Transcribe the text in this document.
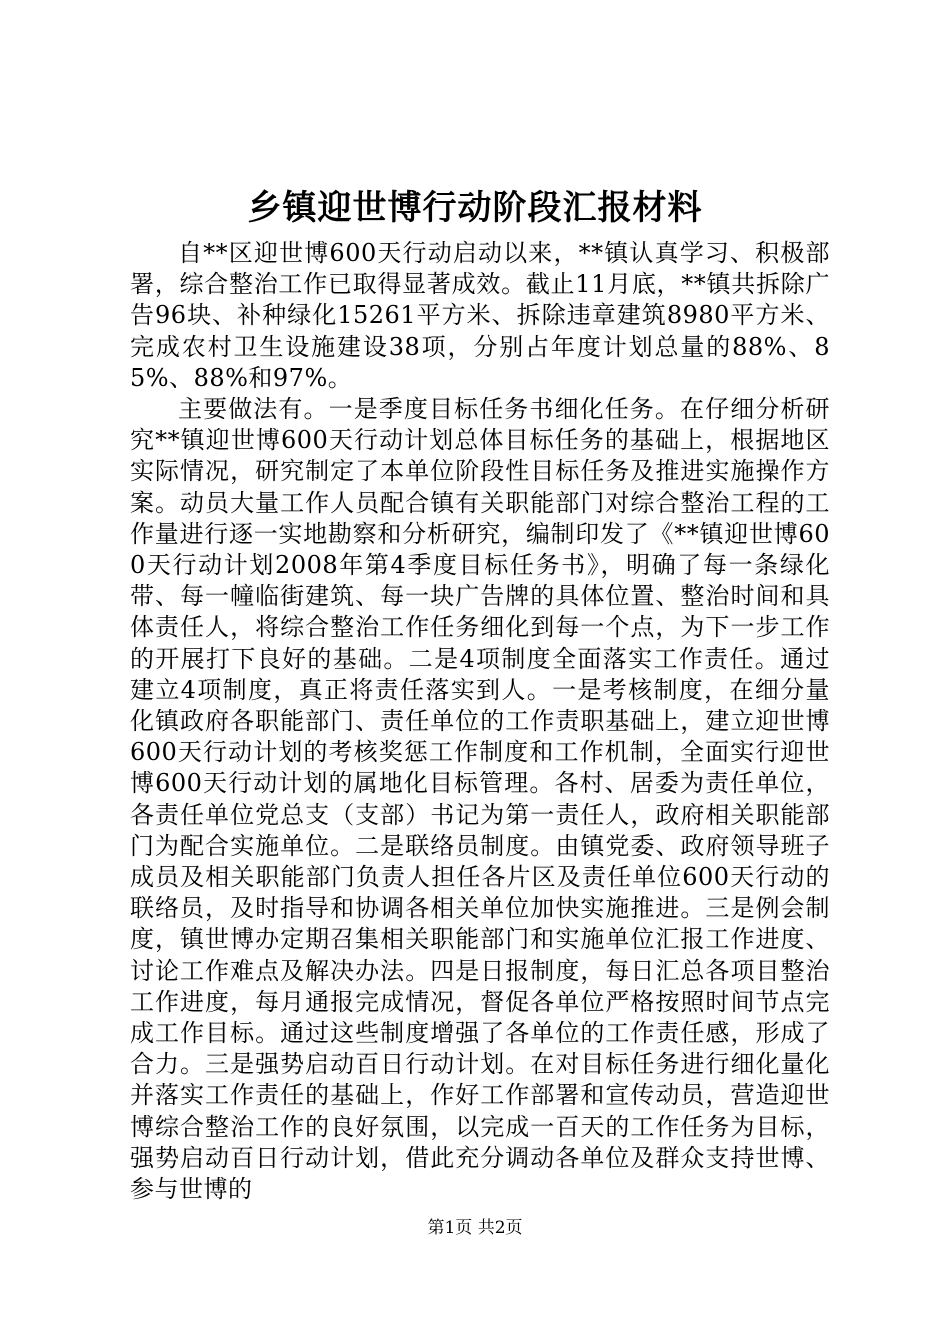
乡镇迎世博行动阶段汇报材料

自**区迎世博600天行动启动以来，**镇认真学习、积极部署，综合整治工作已取得显著成效。截止11月底，**镇共拆除广告96块、补种绿化15261平方米、拆除违章建筑8980平方米、完成农村卫生设施建设38项，分别占年度计划总量的88%、85%、88%和97%。

主要做法有。一是季度目标任务书细化任务。在仔细分析研究**镇迎世博600天行动计划总体目标任务的基础上，根据地区实际情况，研究制定了本单位阶段性目标任务及推进实施操作方案。动员大量工作人员配合镇有关职能部门对综合整治工程的工作量进行逐一实地勘察和分析研究，编制印发了《**镇迎世博600天行动计划2008年第4季度目标任务书》，明确了每一条绿化带、每一幢临街建筑、每一块广告牌的具体位置、整治时间和具体责任人，将综合整治工作任务细化到每一个点，为下一步工作的开展打下良好的基础。二是4项制度全面落实工作责任。通过建立4项制度，真正将责任落实到人。一是考核制度，在细分量化镇政府各职能部门、责任单位的工作责职基础上，建立迎世博600天行动计划的考核奖惩工作制度和工作机制，全面实行迎世博600天行动计划的属地化目标管理。各村、居委为责任单位，各责任单位党总支（支部）书记为第一责任人，政府相关职能部门为配合实施单位。二是联络员制度。由镇党委、政府领导班子成员及相关职能部门负责人担任各片区及责任单位600天行动的联络员，及时指导和协调各相关单位加快实施推进。三是例会制度，镇世博办定期召集相关职能部门和实施单位汇报工作进度、讨论工作难点及解决办法。四是日报制度，每日汇总各项目整治工作进度，每月通报完成情况，督促各单位严格按照时间节点完成工作目标。通过这些制度增强了各单位的工作责任感，形成了合力。三是强势启动百日行动计划。在对目标任务进行细化量化并落实工作责任的基础上，作好工作部署和宣传动员，营造迎世博综合整治工作的良好氛围，以完成一百天的工作任务为目标，强势启动百日行动计划，借此充分调动各单位及群众支持世博、参与世博的

第1页 共2页
